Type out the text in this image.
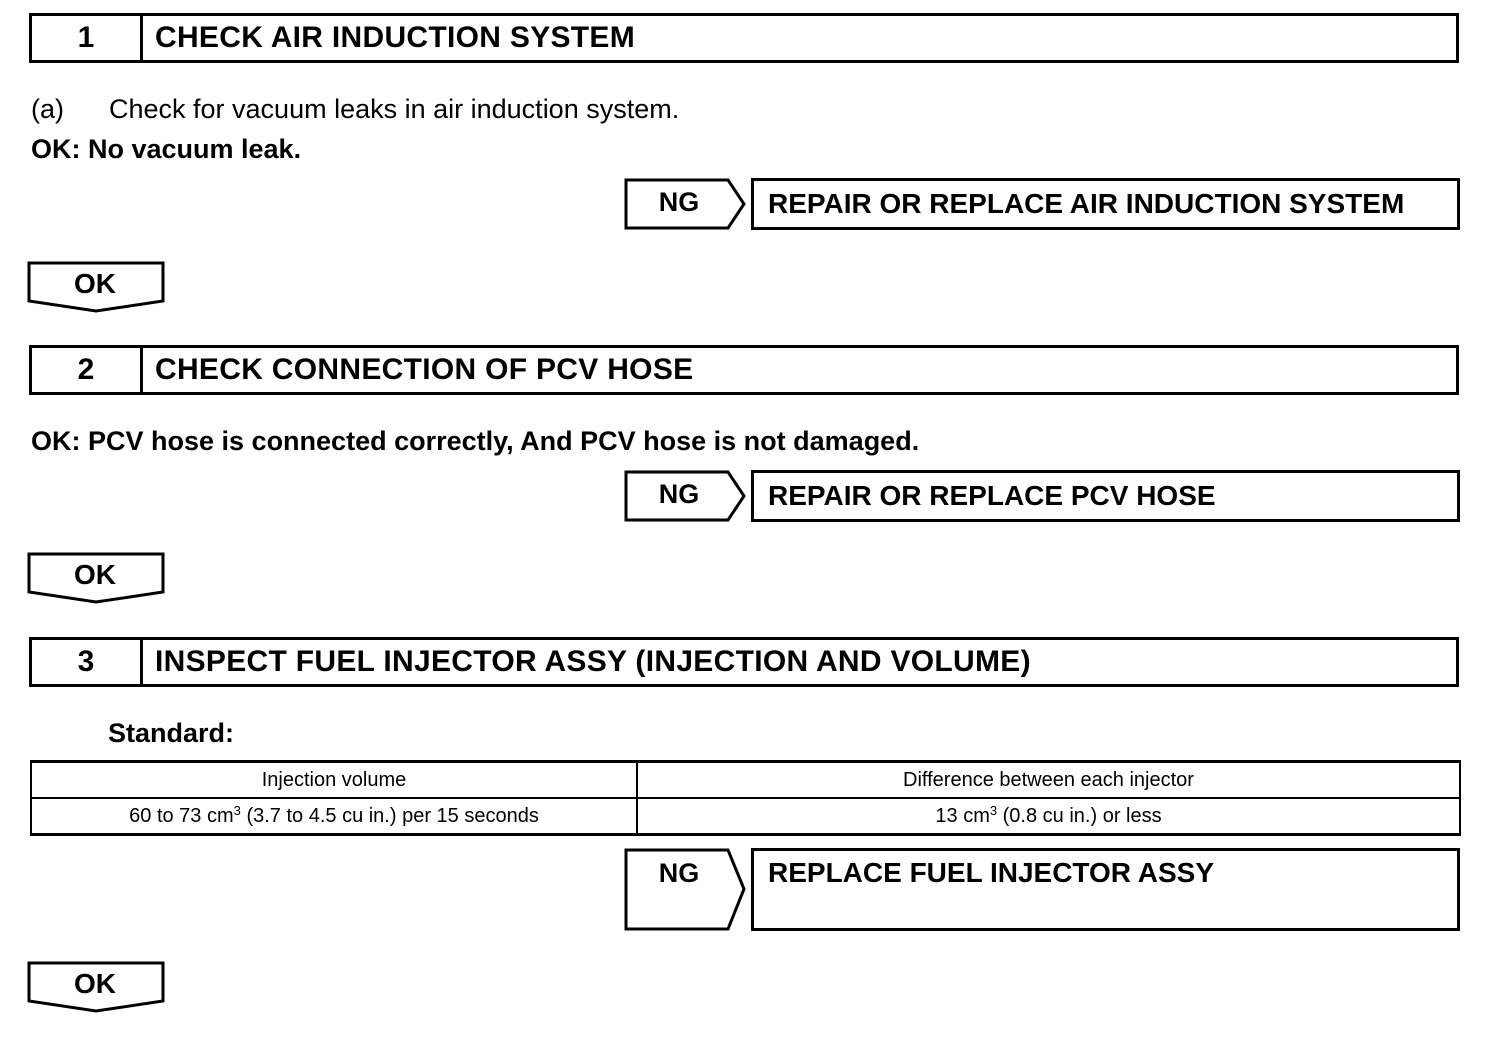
1	CHECK AIR INDUCTION SYSTEM
(a) Check for vacuum leaks in air induction system.
OK: No vacuum leak.
NG	REPAIR OR REPLACE AIR INDUCTION SYSTEM
OK
2	CHECK CONNECTION OF PCV HOSE
OK: PCV hose is connected correctly, And PCV hose is not damaged.
NG	REPAIR OR REPLACE PCV HOSE
OK
3	INSPECT FUEL INJECTOR ASSY (INJECTION AND VOLUME)
Standard:
Injection volume	Difference between each injector
60 to 73 $cm^3$ (3.7 to 4.5 cu in.) per 15 seconds	13 $cm^3$ (0.8 cu in.) or less
NG	REPLACE FUEL INJECTOR ASSY
OK
